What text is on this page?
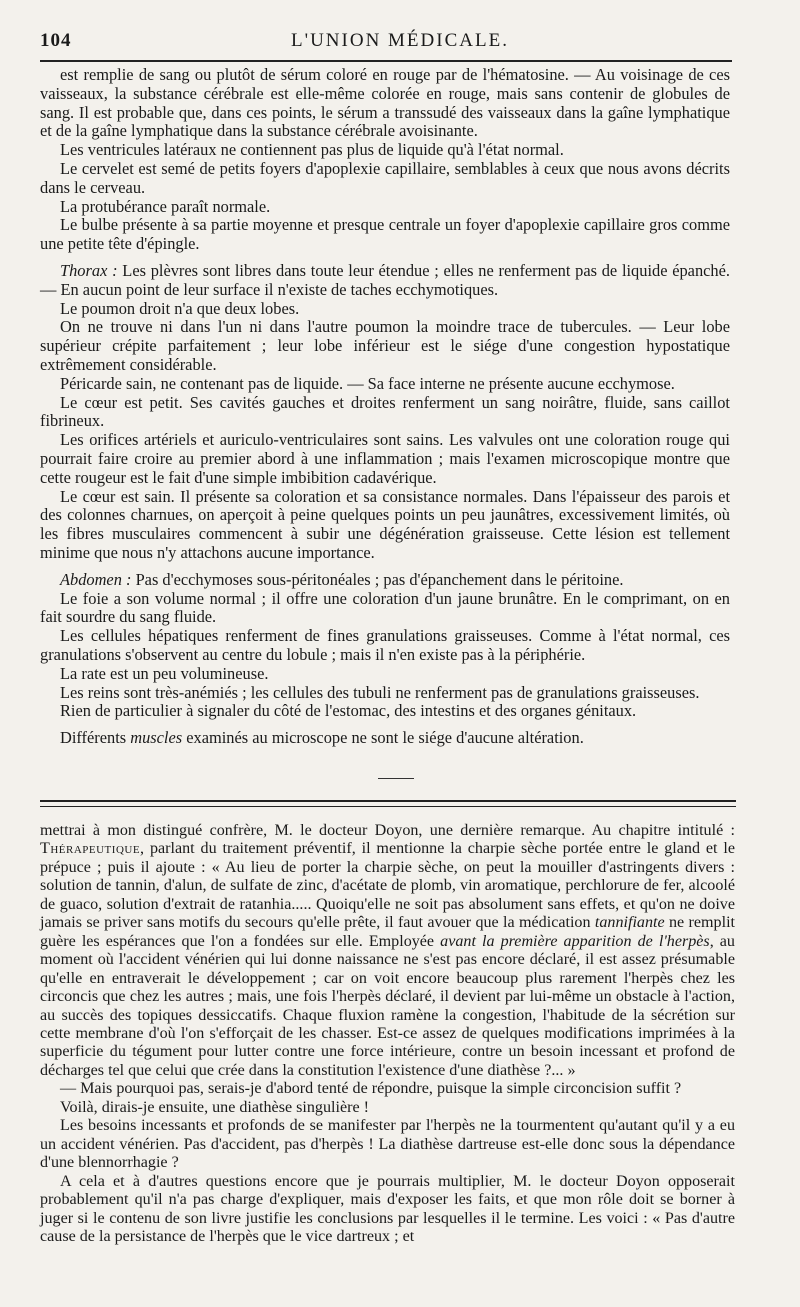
104	L'UNION MÉDICALE.

est remplie de sang ou plutôt de sérum coloré en rouge par de l'hématosine. — Au voisinage de ces vaisseaux, la substance cérébrale est elle-même colorée en rouge, mais sans contenir de globules de sang. Il est probable que, dans ces points, le sérum a transsudé des vaisseaux dans la gaîne lymphatique et de la gaîne lymphatique dans la substance cérébrale avoisinante.

Les ventricules latéraux ne contiennent pas plus de liquide qu'à l'état normal.

Le cervelet est semé de petits foyers d'apoplexie capillaire, semblables à ceux que nous avons décrits dans le cerveau.

La protubérance paraît normale.

Le bulbe présente à sa partie moyenne et presque centrale un foyer d'apoplexie capillaire gros comme une petite tête d'épingle.

Thorax : Les plèvres sont libres dans toute leur étendue ; elles ne renferment pas de liquide épanché. — En aucun point de leur surface il n'existe de taches ecchymotiques.

Le poumon droit n'a que deux lobes.

On ne trouve ni dans l'un ni dans l'autre poumon la moindre trace de tubercules. — Leur lobe supérieur crépite parfaitement ; leur lobe inférieur est le siége d'une congestion hypostatique extrêmement considérable.

Péricarde sain, ne contenant pas de liquide. — Sa face interne ne présente aucune ecchymose.

Le cœur est petit. Ses cavités gauches et droites renferment un sang noirâtre, fluide, sans caillot fibrineux.

Les orifices artériels et auriculo-ventriculaires sont sains. Les valvules ont une coloration rouge qui pourrait faire croire au premier abord à une inflammation ; mais l'examen microscopique montre que cette rougeur est le fait d'une simple imbibition cadavérique.

Le cœur est sain. Il présente sa coloration et sa consistance normales. Dans l'épaisseur des parois et des colonnes charnues, on aperçoit à peine quelques points un peu jaunâtres, excessivement limités, où les fibres musculaires commencent à subir une dégénération graisseuse. Cette lésion est tellement minime que nous n'y attachons aucune importance.

Abdomen : Pas d'ecchymoses sous-péritonéales ; pas d'épanchement dans le péritoine.

Le foie a son volume normal ; il offre une coloration d'un jaune brunâtre. En le comprimant, on en fait sourdre du sang fluide.

Les cellules hépatiques renferment de fines granulations graisseuses. Comme à l'état normal, ces granulations s'observent au centre du lobule ; mais il n'en existe pas à la périphérie.

La rate est un peu volumineuse.

Les reins sont très-anémiés ; les cellules des tubuli ne renferment pas de granulations graisseuses.

Rien de particulier à signaler du côté de l'estomac, des intestins et des organes génitaux.

Différents muscles examinés au microscope ne sont le siége d'aucune altération.

mettrai à mon distingué confrère, M. le docteur Doyon, une dernière remarque. Au chapitre intitulé : Thérapeutique, parlant du traitement préventif, il mentionne la charpie sèche portée entre le gland et le prépuce ; puis il ajoute : « Au lieu de porter la charpie sèche, on peut la mouiller d'astringents divers : solution de tannin, d'alun, de sulfate de zinc, d'acétate de plomb, vin aromatique, perchlorure de fer, alcoolé de guaco, solution d'extrait de ratanhia..... Quoiqu'elle ne soit pas absolument sans effets, et qu'on ne doive jamais se priver sans motifs du secours qu'elle prête, il faut avouer que la médication tannifiante ne remplit guère les espérances que l'on a fondées sur elle. Employée avant la première apparition de l'herpès, au moment où l'accident vénérien qui lui donne naissance ne s'est pas encore déclaré, il est assez présumable qu'elle en entraverait le développement ; car on voit encore beaucoup plus rarement l'herpès chez les circoncis que chez les autres ; mais, une fois l'herpès déclaré, il devient par lui-même un obstacle à l'action, au succès des topiques dessiccatifs. Chaque fluxion ramène la congestion, l'habitude de la sécrétion sur cette membrane d'où l'on s'efforçait de les chasser. Est-ce assez de quelques modifications imprimées à la superficie du tégument pour lutter contre une force intérieure, contre un besoin incessant et profond de décharges tel que celui que crée dans la constitution l'existence d'une diathèse ?... »

— Mais pourquoi pas, serais-je d'abord tenté de répondre, puisque la simple circoncision suffit ?

Voilà, dirais-je ensuite, une diathèse singulière !

Les besoins incessants et profonds de se manifester par l'herpès ne la tourmentent qu'autant qu'il y a eu un accident vénérien. Pas d'accident, pas d'herpès ! La diathèse dartreuse est-elle donc sous la dépendance d'une blennorrhagie ?

A cela et à d'autres questions encore que je pourrais multiplier, M. le docteur Doyon opposerait probablement qu'il n'a pas charge d'expliquer, mais d'exposer les faits, et que mon rôle doit se borner à juger si le contenu de son livre justifie les conclusions par lesquelles il le termine. Les voici : « Pas d'autre cause de la persistance de l'herpès que le vice dartreux ; et
